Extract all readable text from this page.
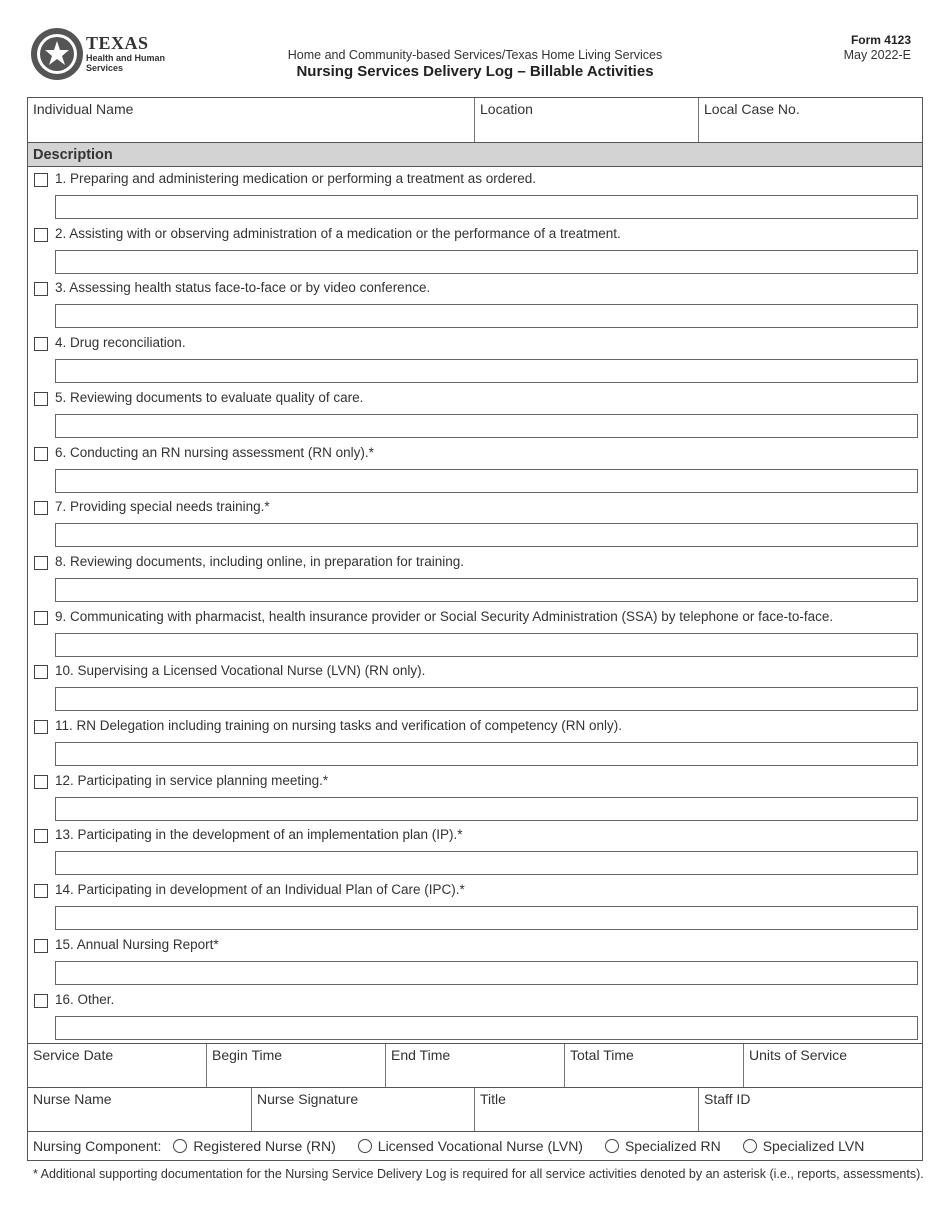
TEXAS
Health and Human Services
Home and Community-based Services/Texas Home Living Services
Nursing Services Delivery Log – Billable Activities
Form 4123
May 2022-E
Individual Name	Location	Local Case No.
Description
1. Preparing and administering medication or performing a treatment as ordered.
2. Assisting with or observing administration of a medication or the performance of a treatment.
3. Assessing health status face-to-face or by video conference.
4. Drug reconciliation.
5. Reviewing documents to evaluate quality of care.
6. Conducting an RN nursing assessment (RN only).*
7. Providing special needs training.*
8. Reviewing documents, including online, in preparation for training.
9. Communicating with pharmacist, health insurance provider or Social Security Administration (SSA) by telephone or face-to-face.
10. Supervising a Licensed Vocational Nurse (LVN) (RN only).
11. RN Delegation including training on nursing tasks and verification of competency (RN only).
12. Participating in service planning meeting.*
13. Participating in the development of an implementation plan (IP).*
14. Participating in development of an Individual Plan of Care (IPC).*
15. Annual Nursing Report*
16. Other.
Service Date	Begin Time	End Time	Total Time	Units of Service
Nurse Name	Nurse Signature	Title	Staff ID
Nursing Component: Registered Nurse (RN)	Licensed Vocational Nurse (LVN)	Specialized RN	Specialized LVN
* Additional supporting documentation for the Nursing Service Delivery Log is required for all service activities denoted by an asterisk (i.e., reports, assessments).
